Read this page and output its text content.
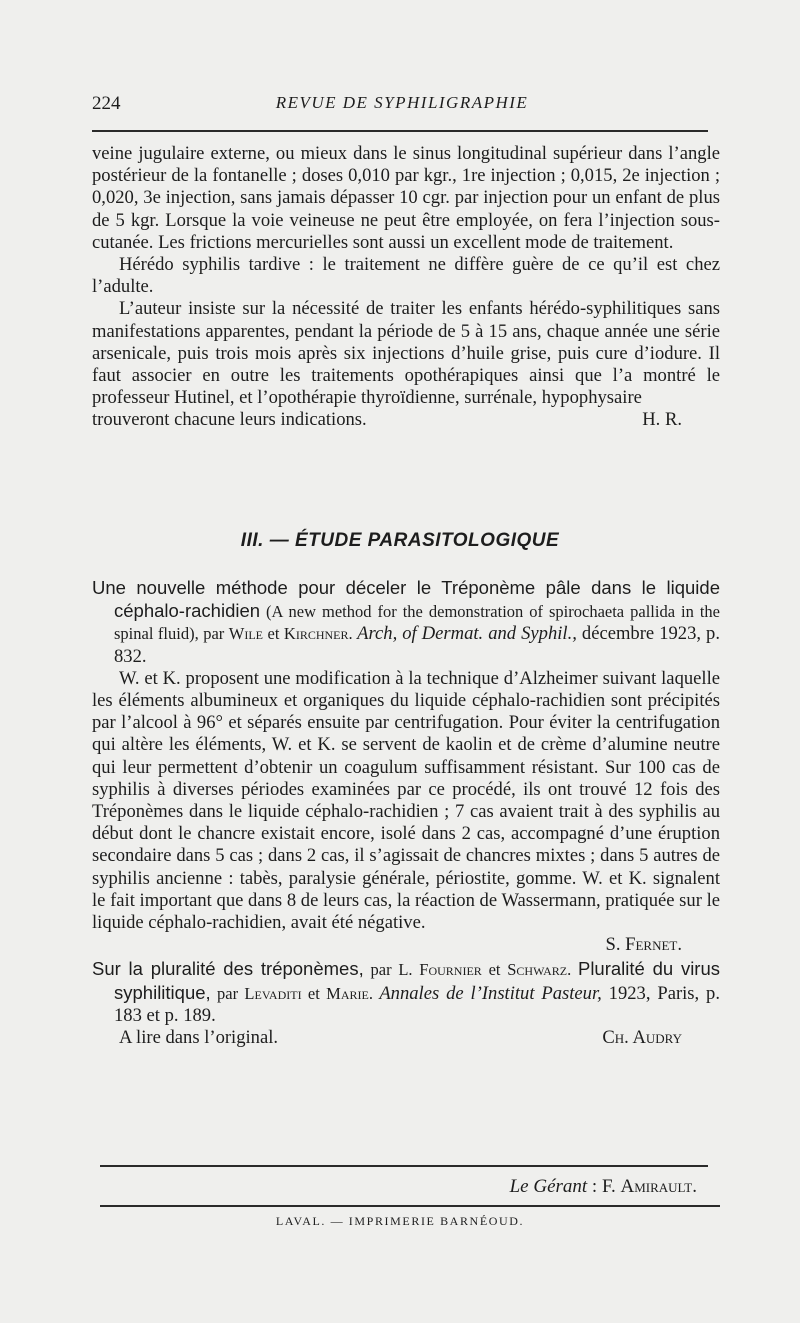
224	REVUE DE SYPHILIGRAPHIE

veine jugulaire externe, ou mieux dans le sinus longitudinal supérieur dans l’angle postérieur de la fontanelle ; doses 0,010 par kgr., 1re injection ; 0,015, 2e injection ; 0,020, 3e injection, sans jamais dépasser 10 cgr. par injection pour un enfant de plus de 5 kgr. Lorsque la voie veineuse ne peut être employée, on fera l’injection sous-cutanée. Les frictions mercurielles sont aussi un excellent mode de traitement.

Hérédo syphilis tardive : le traitement ne diffère guère de ce qu’il est chez l’adulte.

L’auteur insiste sur la nécessité de traiter les enfants hérédo-syphilitiques sans manifestations apparentes, pendant la période de 5 à 15 ans, chaque année une série arsenicale, puis trois mois après six injections d’huile grise, puis cure d’iodure. Il faut associer en outre les traitements opothérapiques ainsi que l’a montré le professeur Hutinel, et l’opothérapie thyroïdienne, surrénale, hypophysaire

trouveront chacune leurs indications.	H. R.
III. — ÉTUDE PARASITOLOGIQUE

Une nouvelle méthode pour déceler le Tréponème pâle dans le liquide céphalo-rachidien (A new method for the demonstration of spirochaeta pallida in the spinal fluid), par Wile et Kirchner. Arch, of Dermat. and Syphil., décembre 1923, p. 832.

W. et K. proposent une modification à la technique d’Alzheimer suivant laquelle les éléments albumineux et organiques du liquide céphalo-rachidien sont précipités par l’alcool à 96° et séparés ensuite par centrifugation. Pour éviter la centrifugation qui altère les éléments, W. et K. se servent de kaolin et de crème d’alumine neutre qui leur permettent d’obtenir un coagulum suffisamment résistant. Sur 100 cas de syphilis à diverses périodes examinées par ce procédé, ils ont trouvé 12 fois des Tréponèmes dans le liquide céphalo-rachidien ; 7 cas avaient trait à des syphilis au début dont le chancre existait encore, isolé dans 2 cas, accompagné d’une éruption secondaire dans 5 cas ; dans 2 cas, il s’agissait de chancres mixtes ; dans 5 autres de syphilis ancienne : tabès, paralysie générale, périostite, gomme. W. et K. signalent le fait important que dans 8 de leurs cas, la réaction de Wassermann, pratiquée sur le liquide céphalo-rachidien, avait été négative.

S. Fernet.

Sur la pluralité des tréponèmes, par L. Fournier et Schwarz. Pluralité du virus syphilitique, par Levaditi et Marie. Annales de l’Institut Pasteur, 1923, Paris, p. 183 et p. 189.

A lire dans l’original.	Ch. Audry
Le Gérant : F. Amirault.
LAVAL. — IMPRIMERIE BARNÉOUD.
